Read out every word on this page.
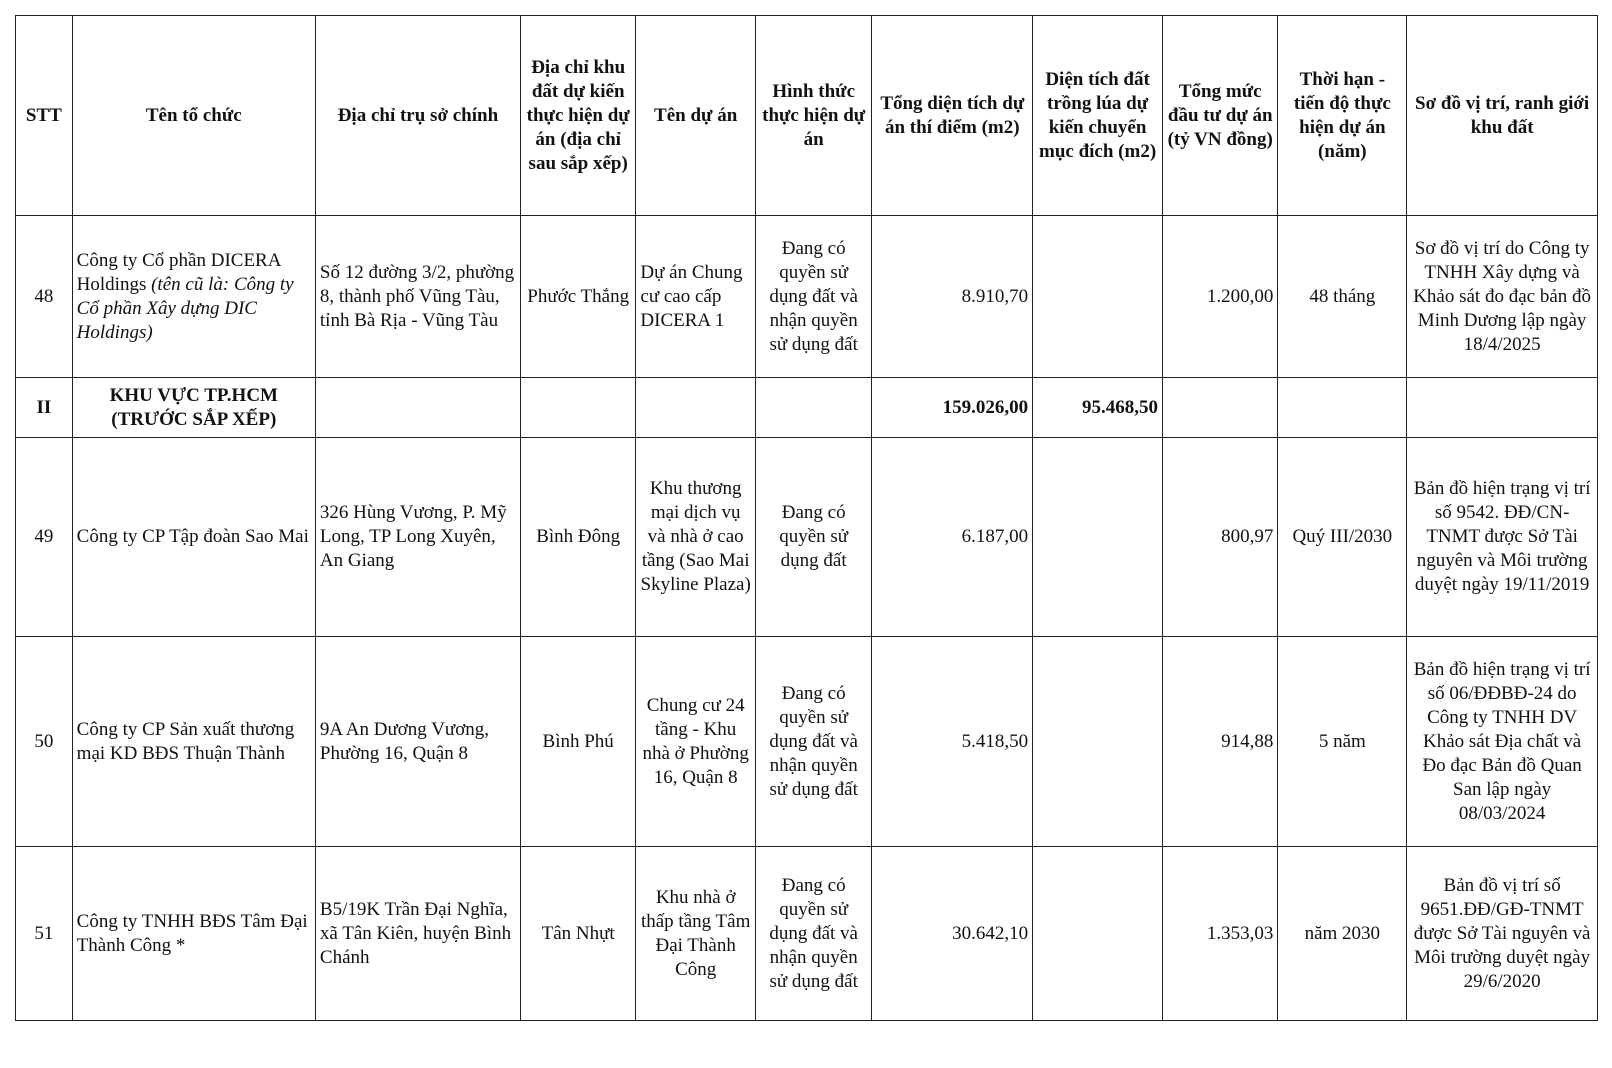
STT	Tên tổ chức	Địa chỉ trụ sở chính	Địa chỉ khu đất dự kiến thực hiện dự án (địa chỉ sau sắp xếp)	Tên dự án	Hình thức thực hiện dự án	Tổng diện tích dự án thí điểm (m2)	Diện tích đất trồng lúa dự kiến chuyển mục đích (m2)	Tổng mức đầu tư dự án (tỷ VN đồng)	Thời hạn - tiến độ thực hiện dự án (năm)	Sơ đồ vị trí, ranh giới khu đất
48	Công ty Cổ phần DICERA Holdings (tên cũ là: Công ty Cổ phần Xây dựng DIC Holdings)	Số 12 đường 3/2, phường 8, thành phố Vũng Tàu, tỉnh Bà Rịa - Vũng Tàu	Phước Thắng	Dự án Chung cư cao cấp DICERA 1	Đang có quyền sử dụng đất và nhận quyền sử dụng đất	8.910,70		1.200,00	48 tháng	Sơ đồ vị trí do Công ty TNHH Xây dựng và Khảo sát đo đạc bản đồ Minh Dương lập ngày 18/4/2025
II	KHU VỰC TP.HCM (TRƯỚC SẮP XẾP)					159.026,00	95.468,50			
49	Công ty CP Tập đoàn Sao Mai	326 Hùng Vương, P. Mỹ Long, TP Long Xuyên, An Giang	Bình Đông	Khu thương mại dịch vụ và nhà ở cao tầng (Sao Mai Skyline Plaza)	Đang có quyền sử dụng đất	6.187,00		800,97	Quý III/2030	Bản đồ hiện trạng vị trí số 9542. ĐĐ/CN-TNMT được Sở Tài nguyên và Môi trường duyệt ngày 19/11/2019
50	Công ty CP Sản xuất thương mại KD BĐS Thuận Thành	9A An Dương Vương, Phường 16, Quận 8	Bình Phú	Chung cư 24 tầng - Khu nhà ở Phường 16, Quận 8	Đang có quyền sử dụng đất và nhận quyền sử dụng đất	5.418,50		914,88	5 năm	Bản đồ hiện trạng vị trí số 06/ĐĐBĐ-24 do Công ty TNHH DV Khảo sát Địa chất và Đo đạc Bản đồ Quan San lập ngày 08/03/2024
51	Công ty TNHH BĐS Tâm Đại Thành Công *	B5/19K Trần Đại Nghĩa, xã Tân Kiên, huyện Bình Chánh	Tân Nhựt	Khu nhà ở thấp tầng Tâm Đại Thành Công	Đang có quyền sử dụng đất và nhận quyền sử dụng đất	30.642,10		1.353,03	năm 2030	Bản đồ vị trí số 9651.ĐĐ/GĐ-TNMT được Sở Tài nguyên và Môi trường duyệt ngày 29/6/2020
